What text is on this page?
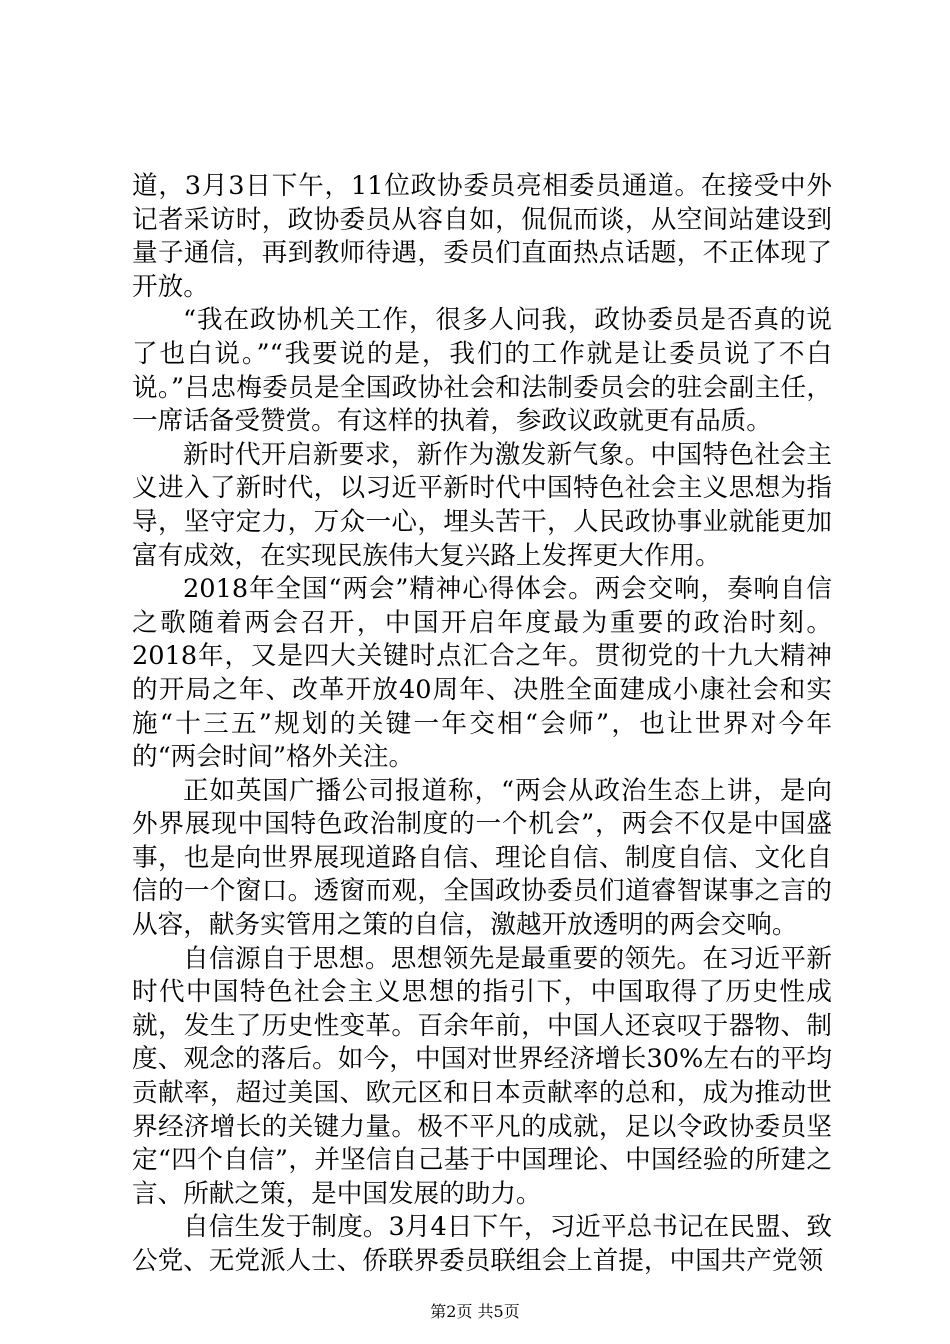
道，3月3日下午，11位政协委员亮相委员通道。在接受中外记者采访时，政协委员从容自如，侃侃而谈，从空间站建设到量子通信，再到教师待遇，委员们直面热点话题，不正体现了开放。

“我在政协机关工作，很多人问我，政协委员是否真的说了也白说。”“我要说的是，我们的工作就是让委员说了不白说。”吕忠梅委员是全国政协社会和法制委员会的驻会副主任，一席话备受赞赏。有这样的执着，参政议政就更有品质。

新时代开启新要求，新作为激发新气象。中国特色社会主义进入了新时代，以习近平新时代中国特色社会主义思想为指导，坚守定力，万众一心，埋头苦干，人民政协事业就能更加富有成效，在实现民族伟大复兴路上发挥更大作用。

2018年全国“两会”精神心得体会。两会交响，奏响自信之歌随着两会召开，中国开启年度最为重要的政治时刻。2018年，又是四大关键时点汇合之年。贯彻党的十九大精神的开局之年、改革开放40周年、决胜全面建成小康社会和实施“十三五”规划的关键一年交相“会师”，也让世界对今年的“两会时间”格外关注。

正如英国广播公司报道称，“两会从政治生态上讲，是向外界展现中国特色政治制度的一个机会”，两会不仅是中国盛事，也是向世界展现道路自信、理论自信、制度自信、文化自信的一个窗口。透窗而观，全国政协委员们道睿智谋事之言的从容，献务实管用之策的自信，激越开放透明的两会交响。

自信源自于思想。思想领先是最重要的领先。在习近平新时代中国特色社会主义思想的指引下，中国取得了历史性成就，发生了历史性变革。百余年前，中国人还哀叹于器物、制度、观念的落后。如今，中国对世界经济增长30%左右的平均贡献率，超过美国、欧元区和日本贡献率的总和，成为推动世界经济增长的关键力量。极不平凡的成就，足以令政协委员坚定“四个自信”，并坚信自己基于中国理论、中国经验的所建之言、所献之策，是中国发展的助力。

自信生发于制度。3月4日下午，习近平总书记在民盟、致公党、无党派人士、侨联界委员联组会上首提，中国共产党领

第2页 共5页
